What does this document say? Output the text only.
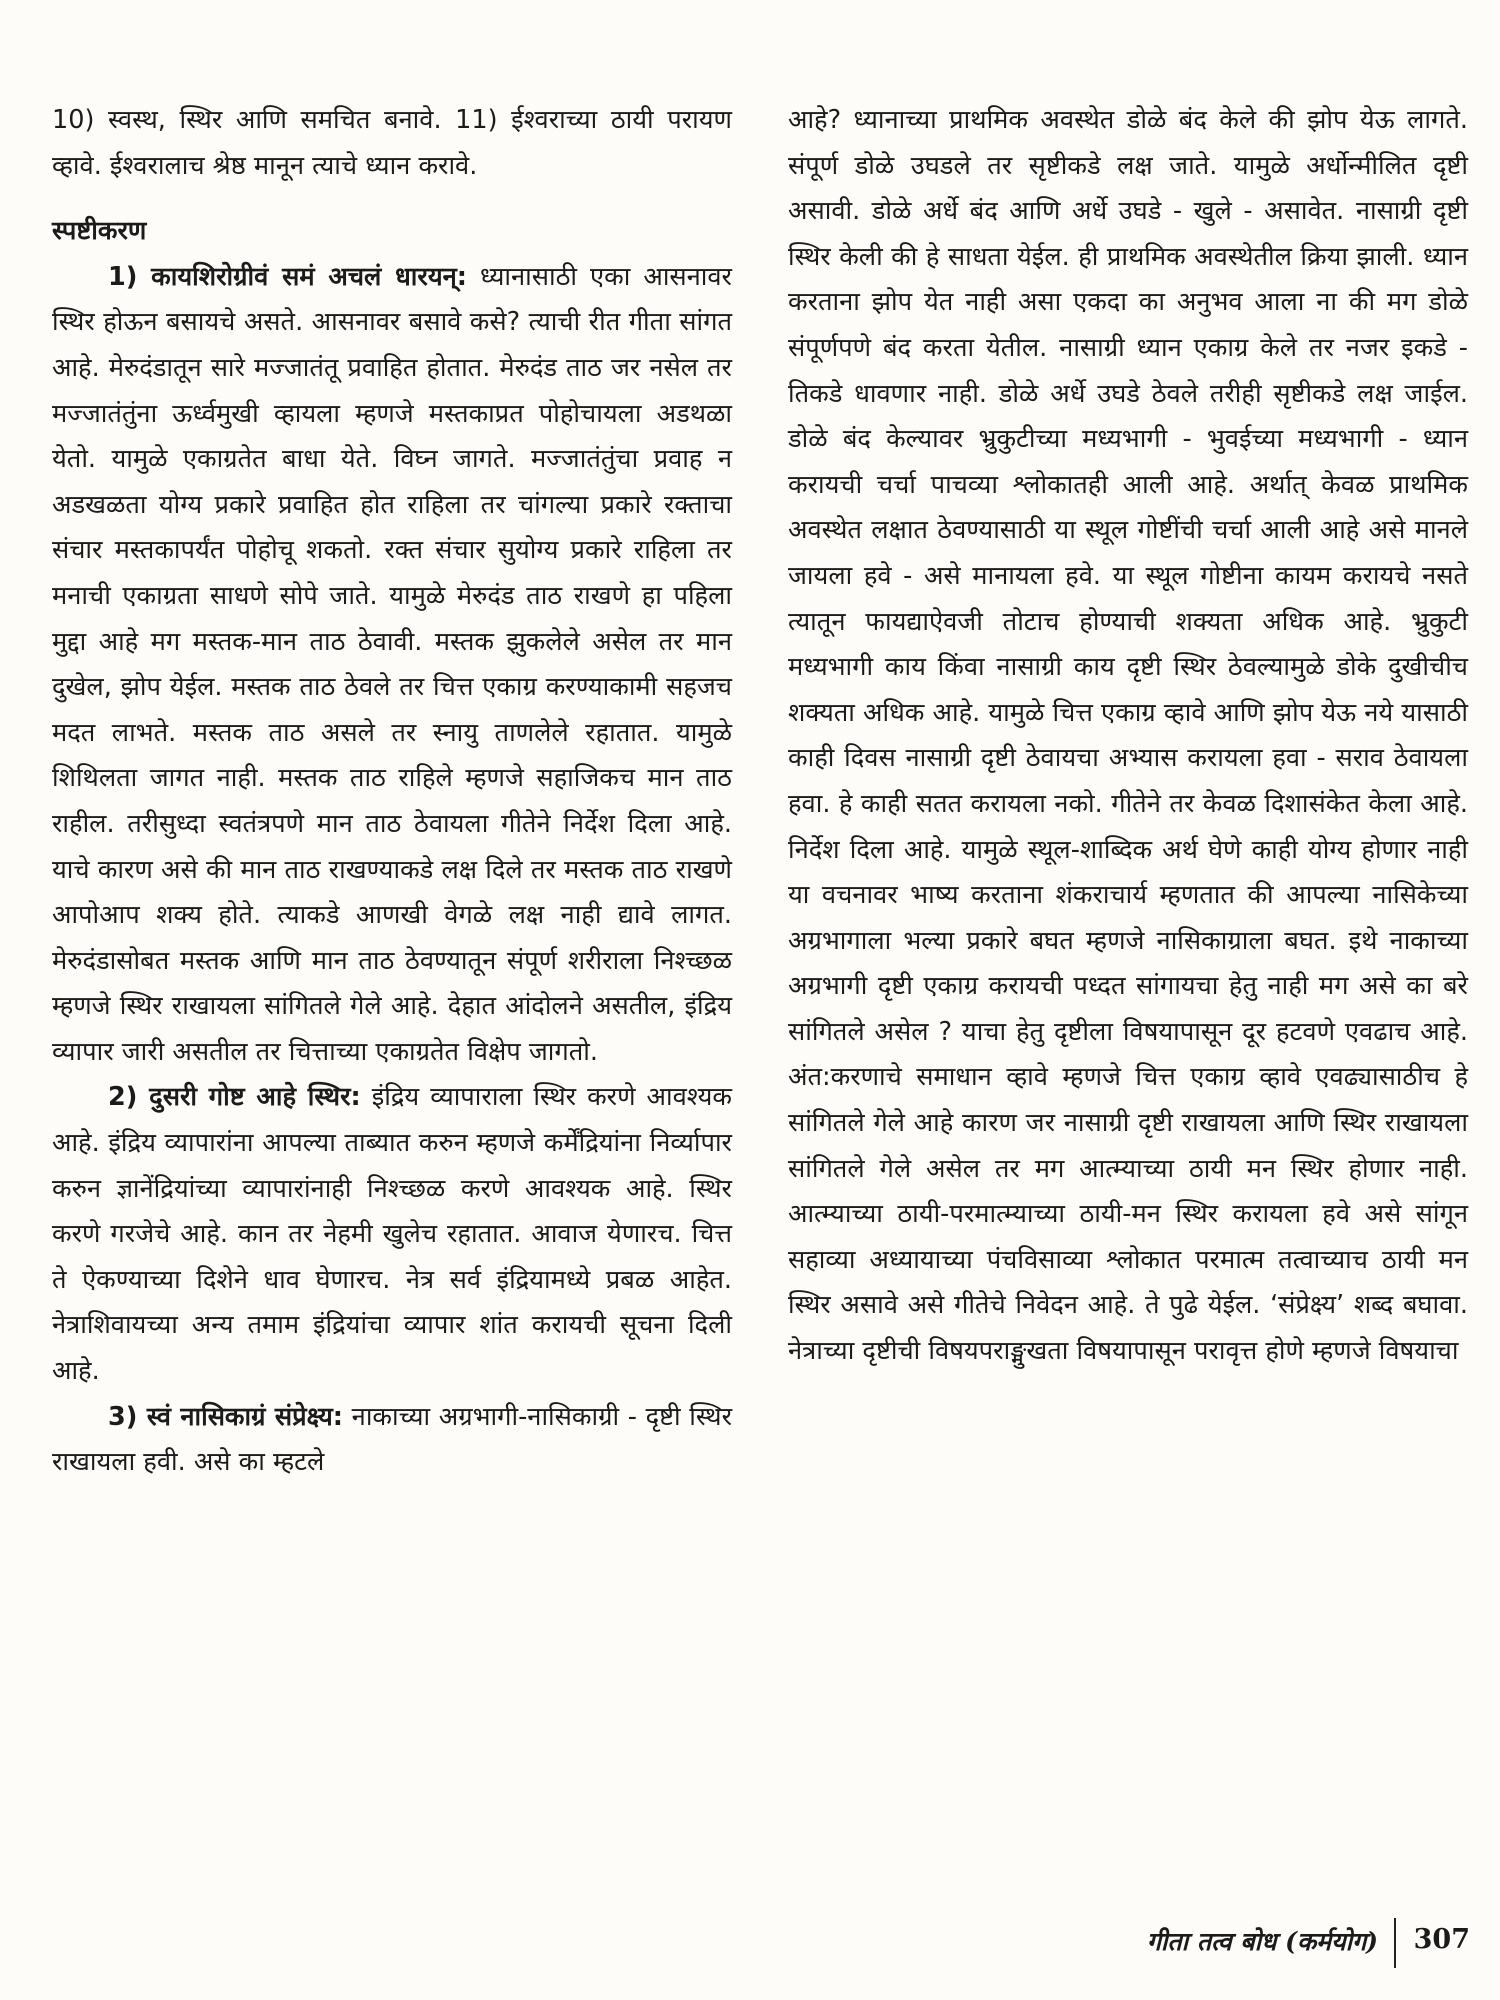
10) स्वस्थ, स्थिर आणि समचित बनावे. 11) ईश्वराच्या ठायी परायण व्हावे. ईश्वरालाच श्रेष्ठ मानून त्याचे ध्यान करावे.

स्पष्टीकरण

1) कायशिरोग्रीवं समं अचलं धारयन्: ध्यानासाठी एका आसनावर स्थिर होऊन बसायचे असते. आसनावर बसावे कसे? त्याची रीत गीता सांगत आहे. मेरुदंडातून सारे मज्जातंतू प्रवाहित होतात. मेरुदंड ताठ जर नसेल तर मज्जातंतुंना ऊर्ध्वमुखी व्हायला म्हणजे मस्तकाप्रत पोहोचायला अडथळा येतो. यामुळे एकाग्रतेत बाधा येते. विघ्न जागते. मज्जातंतुंचा प्रवाह न अडखळता योग्य प्रकारे प्रवाहित होत राहिला तर चांगल्या प्रकारे रक्ताचा संचार मस्तकापर्यंत पोहोचू शकतो. रक्त संचार सुयोग्य प्रकारे राहिला तर मनाची एकाग्रता साधणे सोपे जाते. यामुळे मेरुदंड ताठ राखणे हा पहिला मुद्दा आहे मग मस्तक-मान ताठ ठेवावी. मस्तक झुकलेले असेल तर मान दुखेल, झोप येईल. मस्तक ताठ ठेवले तर चित्त एकाग्र करण्याकामी सहजच मदत लाभते. मस्तक ताठ असले तर स्नायु ताणलेले रहातात. यामुळे शिथिलता जागत नाही. मस्तक ताठ राहिले म्हणजे सहाजिकच मान ताठ राहील. तरीसुध्दा स्वतंत्रपणे मान ताठ ठेवायला गीतेने निर्देश दिला आहे. याचे कारण असे की मान ताठ राखण्याकडे लक्ष दिले तर मस्तक ताठ राखणे आपोआप शक्य होते. त्याकडे आणखी वेगळे लक्ष नाही द्यावे लागत. मेरुदंडासोबत मस्तक आणि मान ताठ ठेवण्यातून संपूर्ण शरीराला निश्च्छळ म्हणजे स्थिर राखायला सांगितले गेले आहे. देहात आंदोलने असतील, इंद्रिय व्यापार जारी असतील तर चित्ताच्या एकाग्रतेत विक्षेप जागतो.

2) दुसरी गोष्ट आहे स्थिर: इंद्रिय व्यापाराला स्थिर करणे आवश्यक आहे. इंद्रिय व्यापारांना आपल्या ताब्यात करुन म्हणजे कर्मेंद्रियांना निर्व्यापार करुन ज्ञानेंद्रियांच्या व्यापारांनाही निश्च्छळ करणे आवश्यक आहे. स्थिर करणे गरजेचे आहे. कान तर नेहमी खुलेच रहातात. आवाज येणारच. चित्त ते ऐकण्याच्या दिशेने धाव घेणारच. नेत्र सर्व इंद्रियामध्ये प्रबळ आहेत. नेत्राशिवायच्या अन्य तमाम इंद्रियांचा व्यापार शांत करायची सूचना दिली आहे.

3) स्वं नासिकाग्रं संप्रेक्ष्य: नाकाच्या अग्रभागी-नासिकाग्री - दृष्टी स्थिर राखायला हवी. असे का म्हटले

आहे? ध्यानाच्या प्राथमिक अवस्थेत डोळे बंद केले की झोप येऊ लागते. संपूर्ण डोळे उघडले तर सृष्टीकडे लक्ष जाते. यामुळे अर्धोन्मीलित दृष्टी असावी. डोळे अर्धे बंद आणि अर्धे उघडे - खुले - असावेत. नासाग्री दृष्टी स्थिर केली की हे साधता येईल. ही प्राथमिक अवस्थेतील क्रिया झाली. ध्यान करताना झोप येत नाही असा एकदा का अनुभव आला ना की मग डोळे संपूर्णपणे बंद करता येतील. नासाग्री ध्यान एकाग्र केले तर नजर इकडे - तिकडे धावणार नाही. डोळे अर्धे उघडे ठेवले तरीही सृष्टीकडे लक्ष जाईल. डोळे बंद केल्यावर भ्रुकुटीच्या मध्यभागी - भुवईच्या मध्यभागी - ध्यान करायची चर्चा पाचव्या श्लोकातही आली आहे. अर्थात् केवळ प्राथमिक अवस्थेत लक्षात ठेवण्यासाठी या स्थूल गोष्टींची चर्चा आली आहे असे मानले जायला हवे - असे मानायला हवे. या स्थूल गोष्टीना कायम करायचे नसते त्यातून फायद्याऐवजी तोटाच होण्याची शक्यता अधिक आहे. भ्रुकुटी मध्यभागी काय किंवा नासाग्री काय दृष्टी स्थिर ठेवल्यामुळे डोके दुखीचीच शक्यता अधिक आहे. यामुळे चित्त एकाग्र व्हावे आणि झोप येऊ नये यासाठी काही दिवस नासाग्री दृष्टी ठेवायचा अभ्यास करायला हवा - सराव ठेवायला हवा. हे काही सतत करायला नको. गीतेने तर केवळ दिशासंकेत केला आहे. निर्देश दिला आहे. यामुळे स्थूल-शाब्दिक अर्थ घेणे काही योग्य होणार नाही या वचनावर भाष्य करताना शंकराचार्य म्हणतात की आपल्या नासिकेच्या अग्रभागाला भल्या प्रकारे बघत म्हणजे नासिकाग्राला बघत. इथे नाकाच्या अग्रभागी दृष्टी एकाग्र करायची पध्दत सांगायचा हेतु नाही मग असे का बरे सांगितले असेल ? याचा हेतु दृष्टीला विषयापासून दूर हटवणे एवढाच आहे. अंत:करणाचे समाधान व्हावे म्हणजे चित्त एकाग्र व्हावे एवढ्यासाठीच हे सांगितले गेले आहे कारण जर नासाग्री दृष्टी राखायला आणि स्थिर राखायला सांगितले गेले असेल तर मग आत्म्याच्या ठायी मन स्थिर होणार नाही. आत्म्याच्या ठायी-परमात्म्याच्या ठायी-मन स्थिर करायला हवे असे सांगून सहाव्या अध्यायाच्या पंचविसाव्या श्लोकात परमात्म तत्वाच्याच ठायी मन स्थिर असावे असे गीतेचे निवेदन आहे. ते पुढे येईल. ‘संप्रेक्ष्य’ शब्द बघावा. नेत्राच्या दृष्टीची विषयपराङ्मुखता विषयापासून परावृत्त होणे म्हणजे विषयाचा

गीता तत्व बोध (कर्मयोग) 307
